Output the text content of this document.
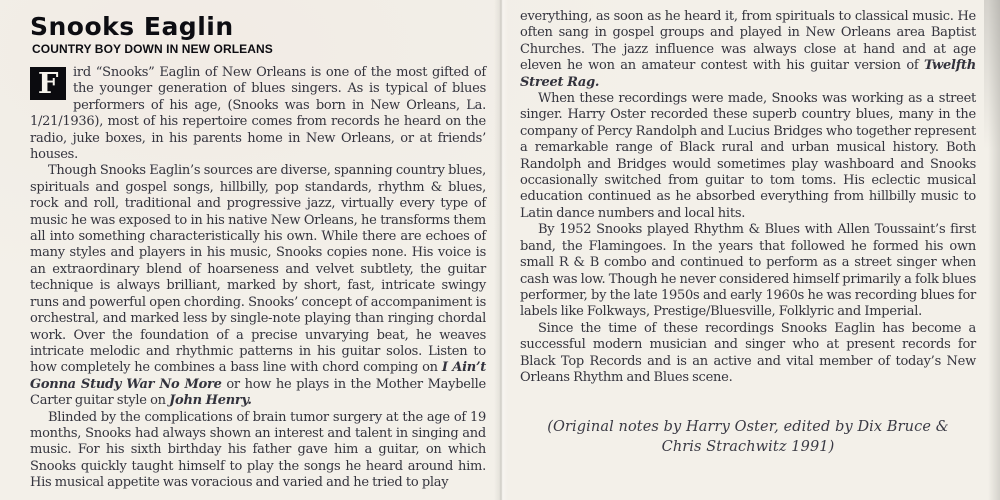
Snooks Eaglin
COUNTRY BOY DOWN IN NEW ORLEANS

F	ird “Snooks” Eaglin of New Orleans is one of the most gifted of the younger generation of blues singers. As is typical of blues performers of his age, (Snooks was born in New Orleans, La. 1/21/1936), most of his repertoire comes from records he heard on the radio, juke boxes, in his parents home in New Orleans, or at friends’ houses.

Though Snooks Eaglin’s sources are diverse, spanning country blues, spirituals and gospel songs, hillbilly, pop standards, rhythm & blues, rock and roll, traditional and progressive jazz, virtually every type of music he was exposed to in his native New Orleans, he transforms them all into something characteristically his own. While there are echoes of many styles and players in his music, Snooks copies none. His voice is an extraordinary blend of hoarseness and velvet subtlety, the guitar technique is always brilliant, marked by short, fast, intricate swingy runs and powerful open chording. Snooks’ concept of accompaniment is orchestral, and marked less by single-note playing than ringing chordal work. Over the foundation of a precise unvarying beat, he weaves intricate melodic and rhythmic patterns in his guitar solos. Listen to how completely he combines a bass line with chord comping on I Ain’t Gonna Study War No More or how he plays in the Mother Maybelle Carter guitar style on John Henry.

Blinded by the complications of brain tumor surgery at the age of 19 months, Snooks had always shown an interest and talent in singing and music. For his sixth birthday his father gave him a guitar, on which Snooks quickly taught himself to play the songs he heard around him. His musical appetite was voracious and varied and he tried to play

everything, as soon as he heard it, from spirituals to classical music. He often sang in gospel groups and played in New Orleans area Baptist Churches. The jazz influence was always close at hand and at age eleven he won an amateur contest with his guitar version of Twelfth Street Rag.

When these recordings were made, Snooks was working as a street singer. Harry Oster recorded these superb country blues, many in the company of Percy Randolph and Lucius Bridges who together represent a remarkable range of Black rural and urban musical history. Both Randolph and Bridges would sometimes play washboard and Snooks occasionally switched from guitar to tom toms. His eclectic musical education continued as he absorbed everything from hillbilly music to Latin dance numbers and local hits.

By 1952 Snooks played Rhythm & Blues with Allen Toussaint’s first band, the Flamingoes. In the years that followed he formed his own small R & B combo and continued to perform as a street singer when cash was low. Though he never considered himself primarily a folk blues performer, by the late 1950s and early 1960s he was recording blues for labels like Folkways, Prestige/Bluesville, Folklyric and Imperial.

Since the time of these recordings Snooks Eaglin has become a successful modern musician and singer who at present records for Black Top Records and is an active and vital member of today’s New Orleans Rhythm and Blues scene.

(Original notes by Harry Oster, edited by Dix Bruce &
Chris Strachwitz 1991)
